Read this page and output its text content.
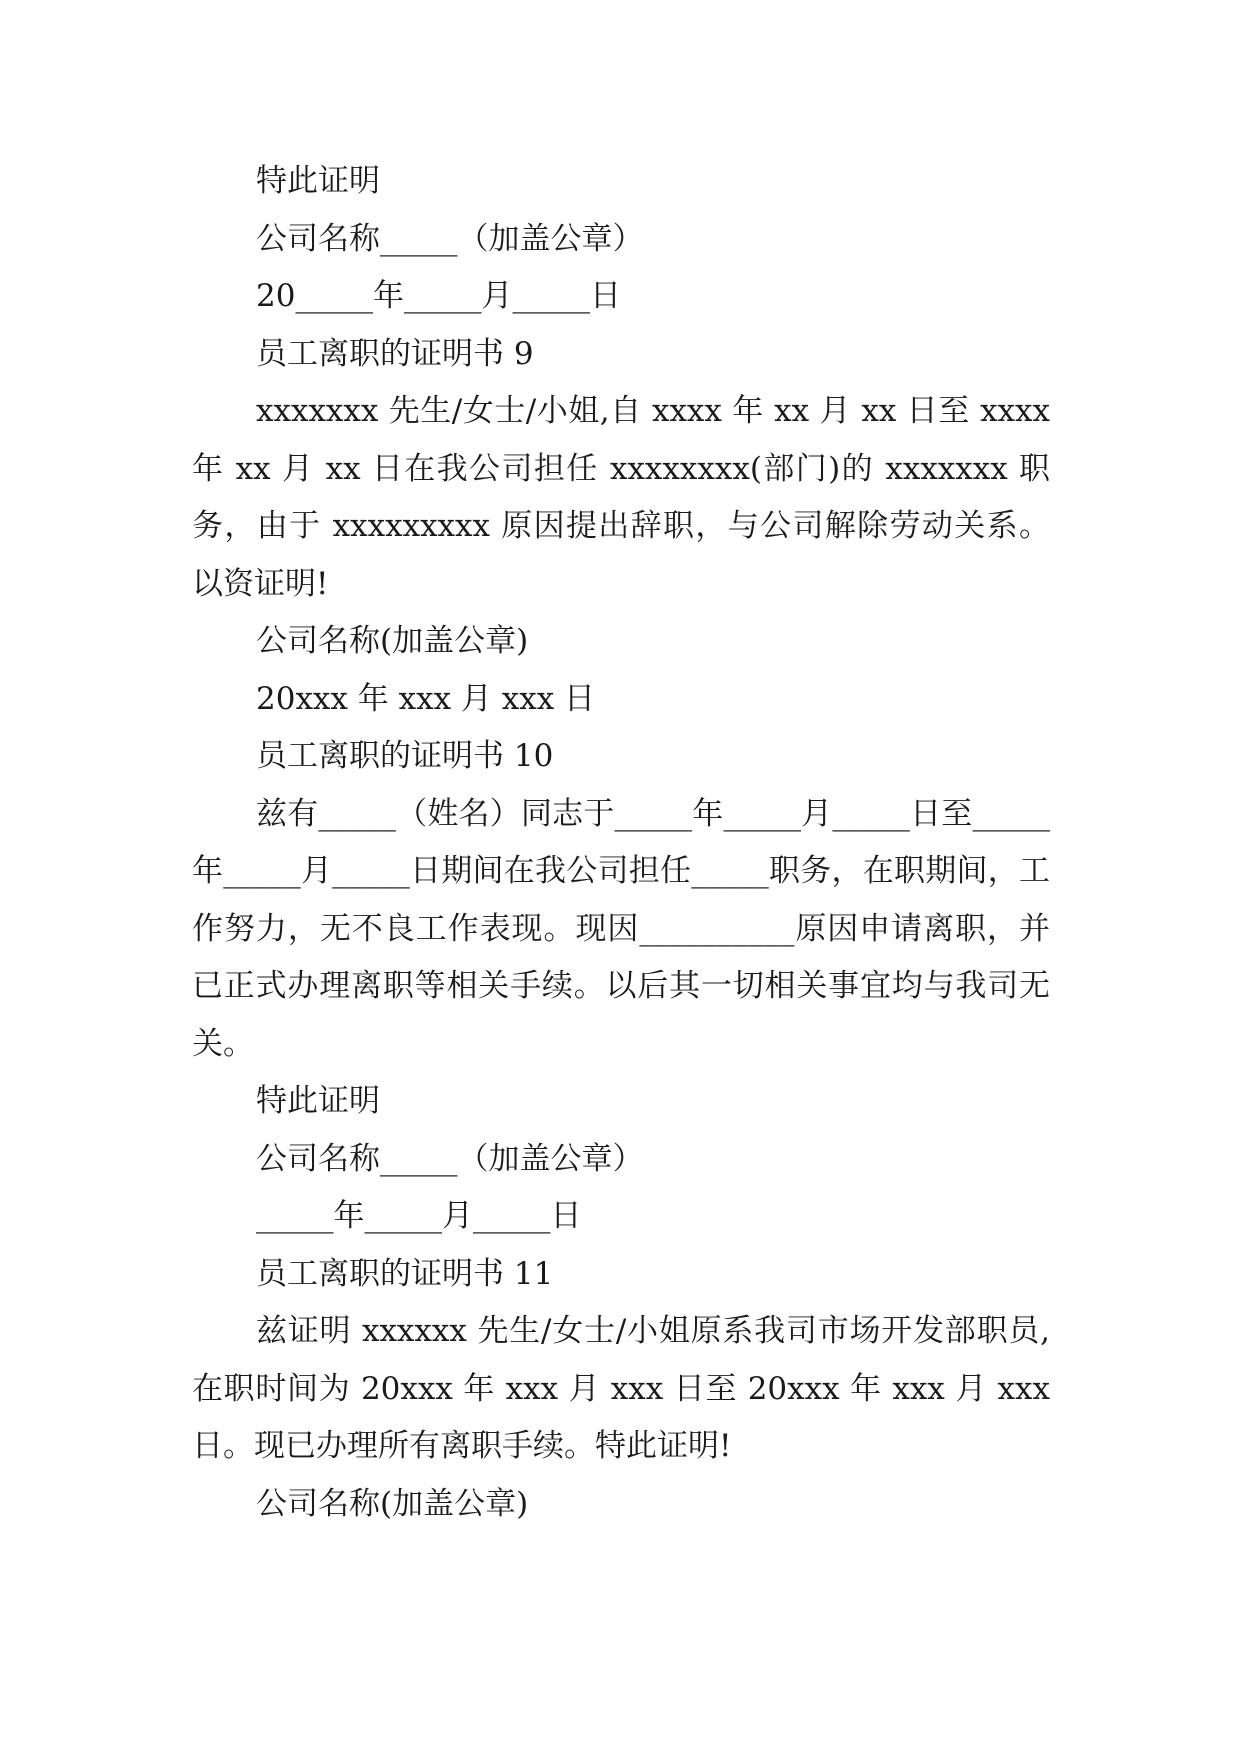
特此证明
公司名称_____（加盖公章）
20_____年_____月_____日
员工离职的证明书 9
xxxxxxx 先生/女士/小姐,自 xxxx 年 xx 月 xx 日至 xxxx 年 xx 月 xx 日在我公司担任 xxxxxxxx(部门)的 xxxxxxx 职务，由于 xxxxxxxxx 原因提出辞职，与公司解除劳动关系。以资证明!
公司名称(加盖公章)
20xxx 年 xxx 月 xxx 日
员工离职的证明书 10
兹有_____（姓名）同志于_____年_____月_____日至_____年_____月_____日期间在我公司担任_____职务，在职期间，工作努力，无不良工作表现。现因__________原因申请离职，并已正式办理离职等相关手续。以后其一切相关事宜均与我司无关。
特此证明
公司名称_____（加盖公章）
_____年_____月_____日
员工离职的证明书 11
兹证明 xxxxxx 先生/女士/小姐原系我司市场开发部职员,在职时间为 20xxx 年 xxx 月 xxx 日至 20xxx 年 xxx 月 xxx 日。现已办理所有离职手续。特此证明!
公司名称(加盖公章)
